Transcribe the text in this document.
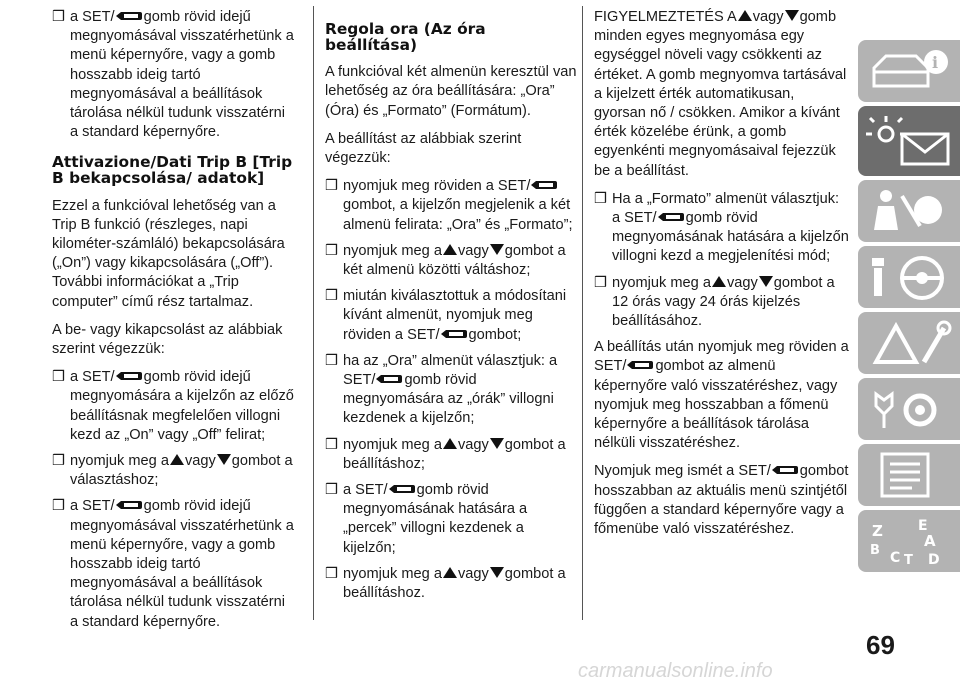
❒ a SET/ gomb rövid idejű megnyomásával visszatérhetünk a menü képernyőre, vagy a gomb hosszabb ideig tartó megnyomásával a beállítások tárolása nélkül tudunk visszatérni a standard képernyőre.
Attivazione/Dati Trip B [Trip B bekapcsolása/ adatok]

Ezzel a funkcióval lehetőség van a Trip B funkció (részleges, napi kilométer-számláló) bekapcsolására („On”) vagy kikapcsolására („Off”). További információkat a „Trip computer” című rész tartalmaz.

A be- vagy kikapcsolást az alábbiak szerint végezzük:

❒ a SET/ gomb rövid idejű megnyomására a kijelzőn az előző beállításnak megfelelően villogni kezd az „On” vagy „Off” felirat;
❒ nyomjuk meg a vagy gombot a választáshoz;
❒ a SET/ gomb rövid idejű megnyomásával visszatérhetünk a menü képernyőre, vagy a gomb hosszabb ideig tartó megnyomásával a beállítások tárolása nélkül tudunk visszatérni a standard képernyőre.
Regola ora (Az óra beállítása)

A funkcióval két almenün keresztül van lehetőség az óra beállítására: „Ora” (Óra) és „Formato” (Formátum).

A beállítást az alábbiak szerint végezzük:

❒ nyomjuk meg röviden a SET/gombot, a kijelzőn megjelenik a két almenü felirata: „Ora” és „Formato”;
❒ nyomjuk meg a vagy gombot a két almenü közötti váltáshoz;
❒ miután kiválasztottuk a módosítani kívánt almenüt, nyomjuk meg röviden a SET/ gombot;
❒ ha az „Ora” almenüt választjuk: a SET/ gomb rövid megnyomására az „órák” villogni kezdenek a kijelzőn;
❒ nyomjuk meg a vagy gombot a beállításhoz;
❒ a SET/ gomb rövid megnyomásának hatására a „percek” villogni kezdenek a kijelzőn;
❒ nyomjuk meg a vagy gombot a beállításhoz.

FIGYELMEZTETÉS A vagy gomb minden egyes megnyomása egy egységgel növeli vagy csökkenti az értéket. A gomb megnyomva tartásával a kijelzett érték automatikusan, gyorsan nő / csökken. Amikor a kívánt érték közelébe érünk, a gomb egyenkénti megnyomásaival fejezzük be a beállítást.

❒ Ha a „Formato” almenüt választjuk: a SET/ gomb rövid megnyomásának hatására a kijelzőn villogni kezd a megjelenítési mód;
❒ nyomjuk meg a vagy gombot a 12 órás vagy 24 órás kijelzés beállításához.

A beállítás után nyomjuk meg röviden a SET/ gombot az almenü képernyőre való visszatéréshez, vagy nyomjuk meg hosszabban a főmenü képernyőre a beállítások tárolása nélküli visszatéréshez.

Nyomjuk meg ismét a SET/ gombot hosszabban az aktuális menü szintjétől függően a standard képernyőre vagy a főmenübe való visszatéréshez.

i
Z	E
A
B C T D
69
carmanualsonline.info
